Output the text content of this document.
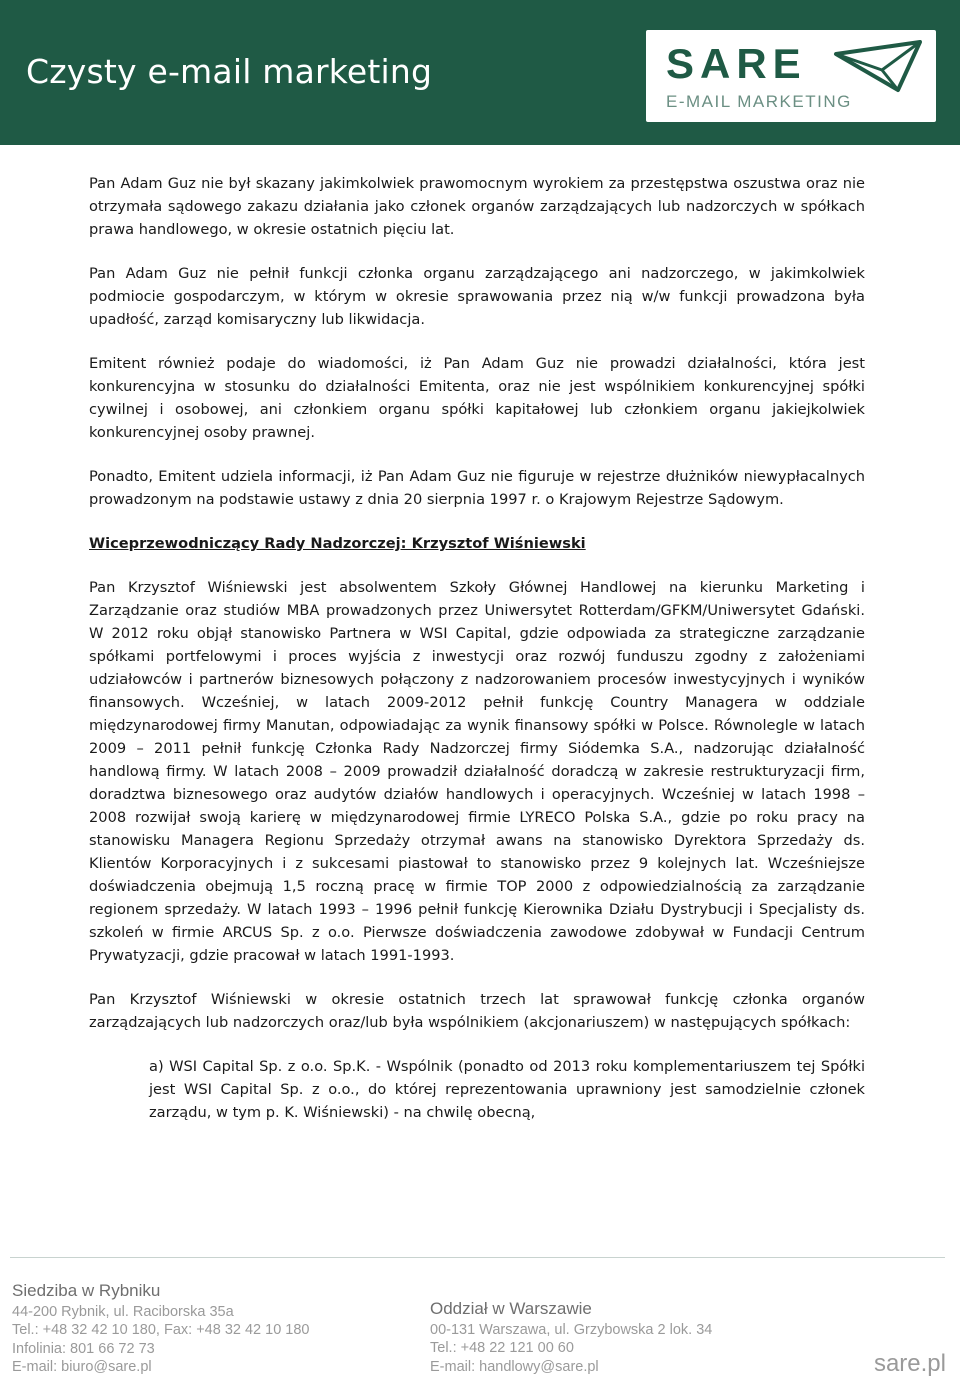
Czysty e-mail marketing	SARE
E-MAIL MARKETING

Pan Adam Guz nie był skazany jakimkolwiek prawomocnym wyrokiem za przestępstwa oszustwa oraz nie otrzymała sądowego zakazu działania jako członek organów zarządzających lub nadzorczych w spółkach prawa handlowego, w okresie ostatnich pięciu lat.

Pan Adam Guz nie pełnił funkcji członka organu zarządzającego ani nadzorczego, w jakimkolwiek podmiocie gospodarczym, w którym w okresie sprawowania przez nią w/w funkcji prowadzona była upadłość, zarząd komisaryczny lub likwidacja.

Emitent również podaje do wiadomości, iż Pan Adam Guz nie prowadzi działalności, która jest konkurencyjna w stosunku do działalności Emitenta, oraz nie jest wspólnikiem konkurencyjnej spółki cywilnej i osobowej, ani członkiem organu spółki kapitałowej lub członkiem organu jakiejkolwiek konkurencyjnej osoby prawnej.

Ponadto, Emitent udziela informacji, iż Pan Adam Guz nie figuruje w rejestrze dłużników niewypłacalnych prowadzonym na podstawie ustawy z dnia 20 sierpnia 1997 r. o Krajowym Rejestrze Sądowym.

Wiceprzewodniczący Rady Nadzorczej: Krzysztof Wiśniewski

Pan Krzysztof Wiśniewski jest absolwentem Szkoły Głównej Handlowej na kierunku Marketing i Zarządzanie oraz studiów MBA prowadzonych przez Uniwersytet Rotterdam/GFKM/Uniwersytet Gdański. W 2012 roku objął stanowisko Partnera w WSI Capital, gdzie odpowiada za strategiczne zarządzanie spółkami portfelowymi i proces wyjścia z inwestycji oraz rozwój funduszu zgodny z założeniami udziałowców i partnerów biznesowych połączony z nadzorowaniem procesów inwestycyjnych i wyników finansowych. Wcześniej, w latach 2009-2012 pełnił funkcję Country Managera w oddziale międzynarodowej firmy Manutan, odpowiadając za wynik finansowy spółki w Polsce. Równolegle w latach 2009 – 2011 pełnił funkcję Członka Rady Nadzorczej firmy Siódemka S.A., nadzorując działalność handlową firmy. W latach 2008 – 2009 prowadził działalność doradczą w zakresie restrukturyzacji firm, doradztwa biznesowego oraz audytów działów handlowych i operacyjnych. Wcześniej w latach 1998 – 2008 rozwijał swoją karierę w międzynarodowej firmie LYRECO Polska S.A., gdzie po roku pracy na stanowisku Managera Regionu Sprzedaży otrzymał awans na stanowisko Dyrektora Sprzedaży ds. Klientów Korporacyjnych i z sukcesami piastował to stanowisko przez 9 kolejnych lat. Wcześniejsze doświadczenia obejmują 1,5 roczną pracę w firmie TOP 2000 z odpowiedzialnością za zarządzanie regionem sprzedaży. W latach 1993 – 1996 pełnił funkcję Kierownika Działu Dystrybucji i Specjalisty ds. szkoleń w firmie ARCUS Sp. z o.o. Pierwsze doświadczenia zawodowe zdobywał w Fundacji Centrum Prywatyzacji, gdzie pracował w latach 1991-1993.

Pan Krzysztof Wiśniewski w okresie ostatnich trzech lat sprawował funkcję członka organów zarządzających lub nadzorczych oraz/lub była wspólnikiem (akcjonariuszem) w następujących spółkach:

a) WSI Capital Sp. z o.o. Sp.K. - Wspólnik (ponadto od 2013 roku komplementariuszem tej Spółki jest WSI Capital Sp. z o.o., do której reprezentowania uprawniony jest samodzielnie członek zarządu, w tym p. K. Wiśniewski) - na chwilę obecną,

Siedziba w Rybniku
44-200 Rybnik, ul. Raciborska 35a
Tel.: +48 32 42 10 180, Fax: +48 32 42 10 180
Infolinia: 801 66 72 73
E-mail: biuro@sare.pl
Oddział w Warszawie
00-131 Warszawa, ul. Grzybowska 2 lok. 34
Tel.: +48 22 121 00 60
E-mail: handlowy@sare.pl	sare.pl
